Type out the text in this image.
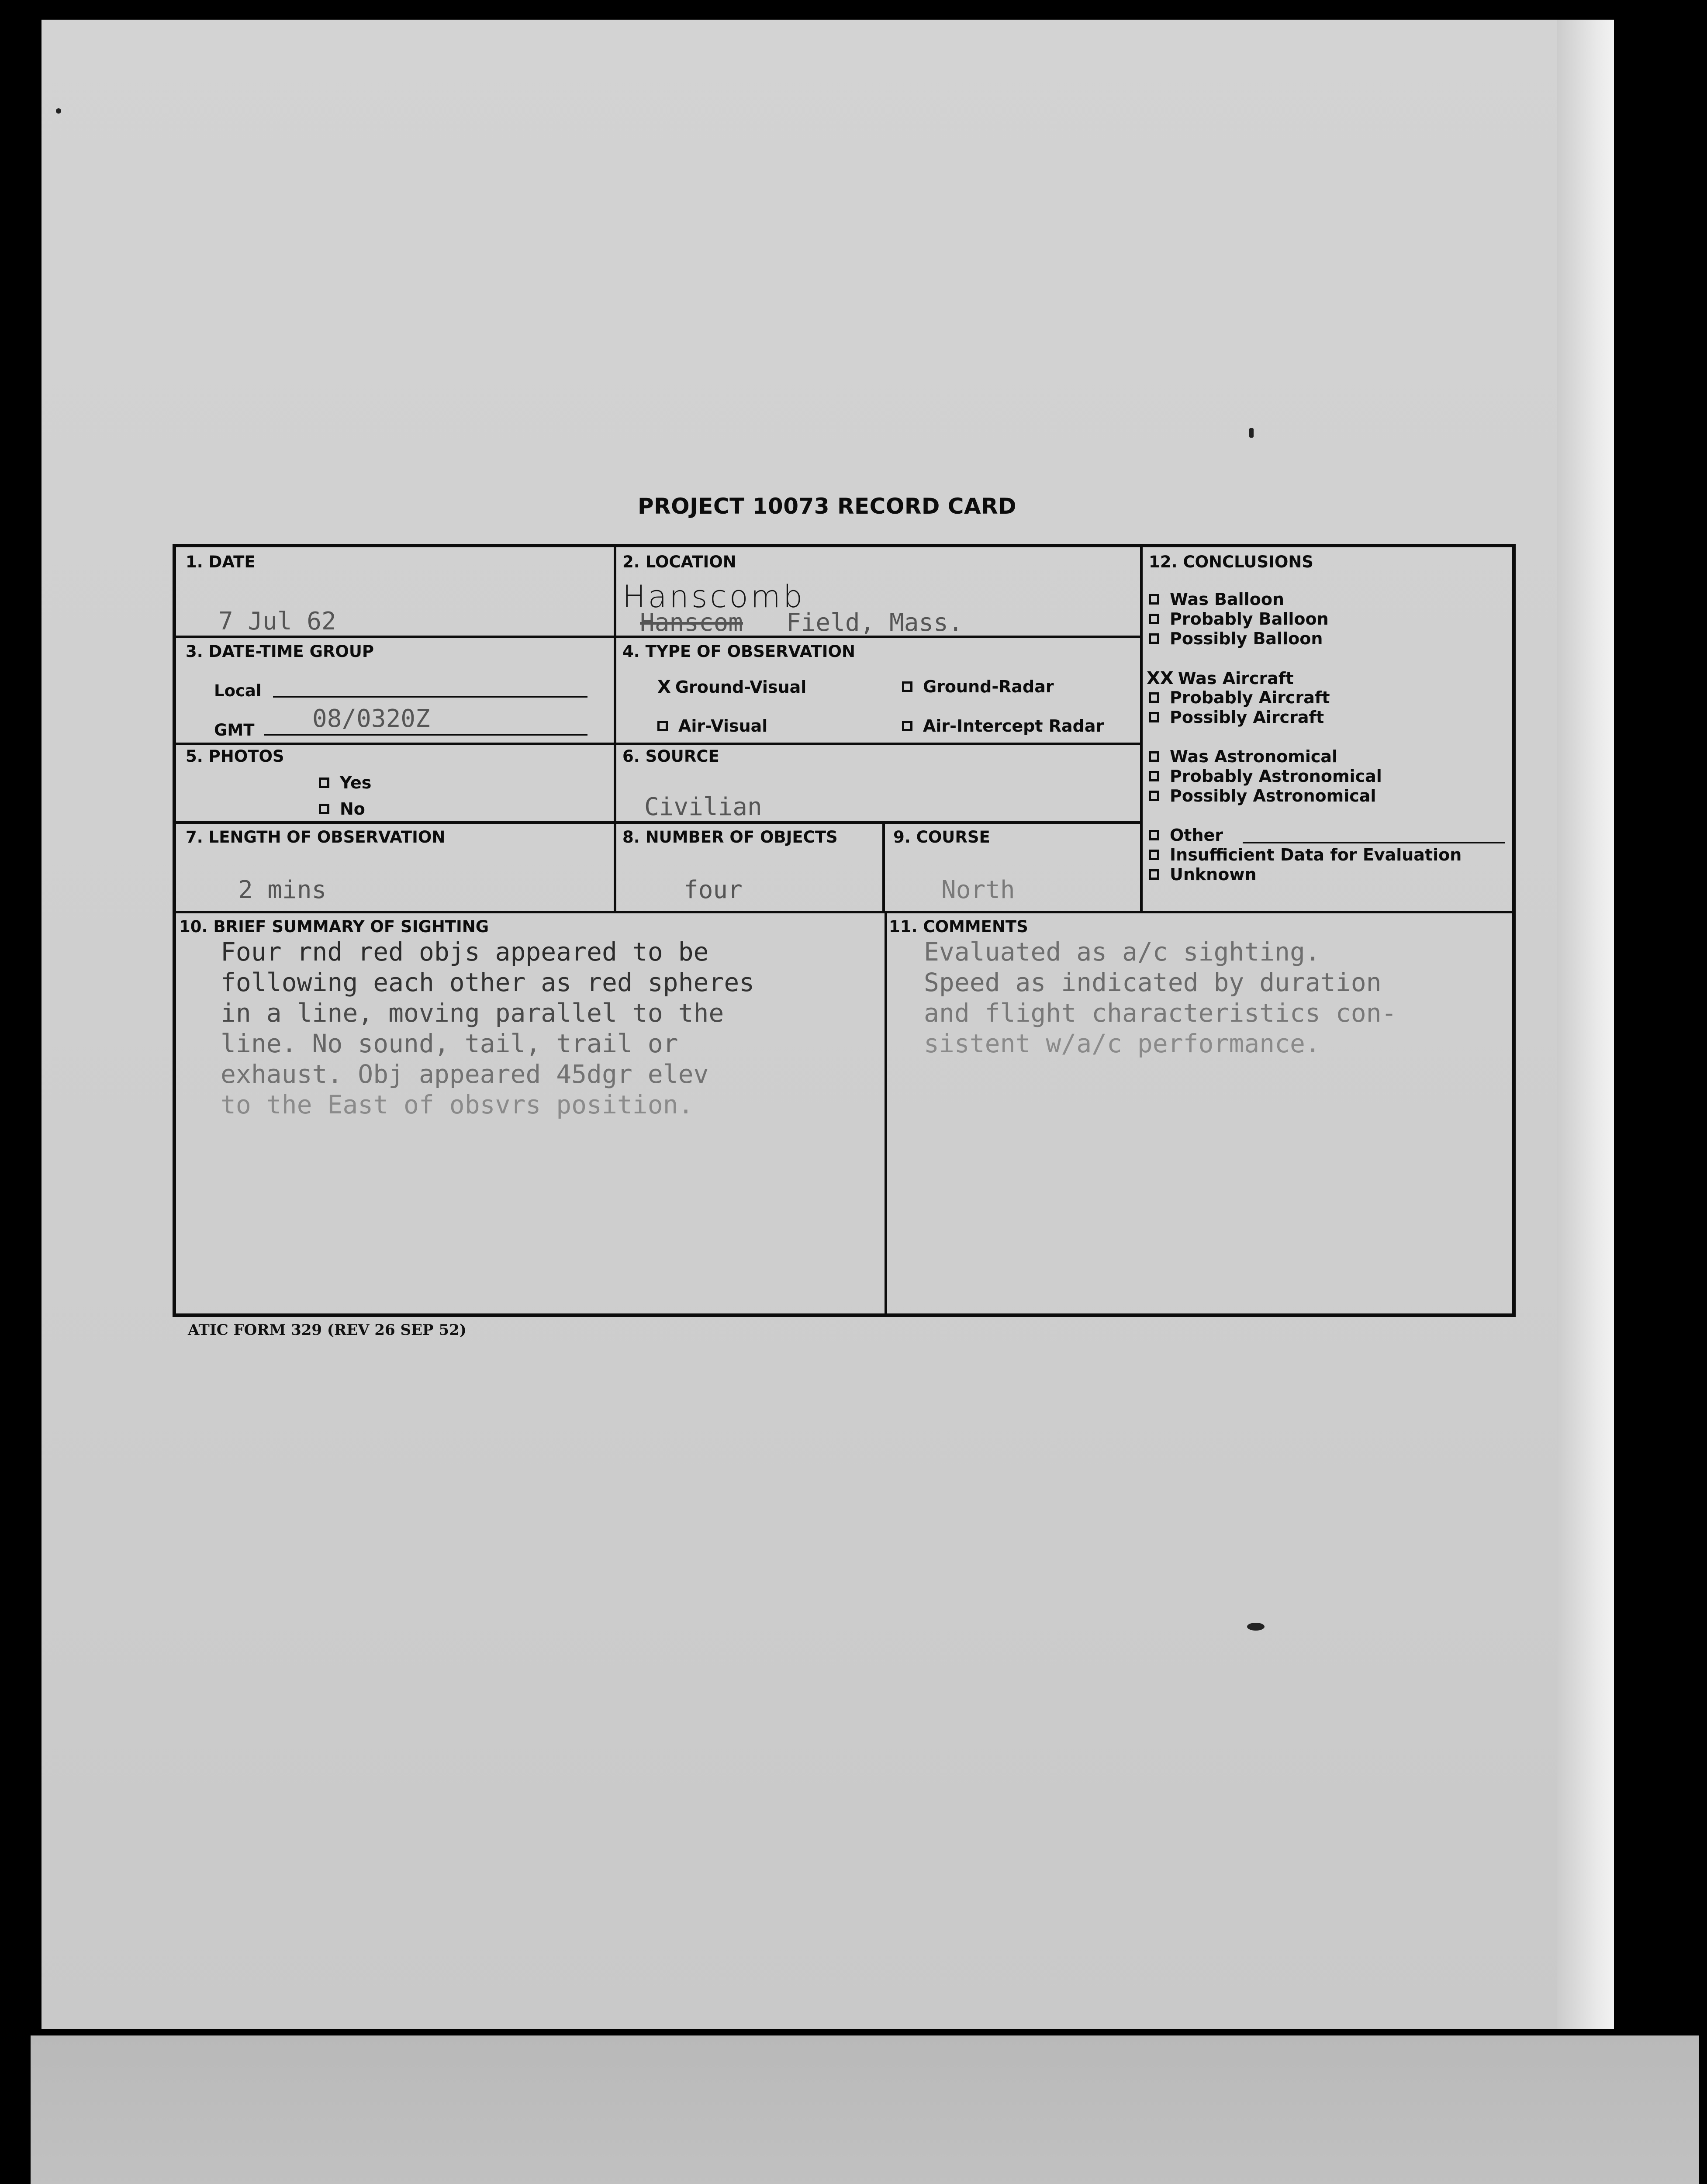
PROJECT 10073 RECORD CARD
1. DATE
7 Jul 62
2. LOCATION
Hanscomb
Hanscom Field, Mass.
3. DATE-TIME GROUP
Local
GMT 08/0320Z
4. TYPE OF OBSERVATION
X Ground-Visual	Ground-Radar
Air-Visual	Air-Intercept Radar
5. PHOTOS
Yes
No
6. SOURCE
Civilian
7. LENGTH OF OBSERVATION
2 mins
8. NUMBER OF OBJECTS
four
9. COURSE
North
10. BRIEF SUMMARY OF SIGHTING
Four rnd red objs appeared to be
following each other as red spheres
in a line, moving parallel to the
line. No sound, tail, trail or
exhaust. Obj appeared 45dgr elev
to the East of obsvrs position.
11. COMMENTS
Evaluated as a/c sighting.
Speed as indicated by duration
and flight characteristics con-
sistent w/a/c performance.
12. CONCLUSIONS
Was Balloon
Probably Balloon
Possibly Balloon
XX Was Aircraft
Probably Aircraft
Possibly Aircraft
Was Astronomical
Probably Astronomical
Possibly Astronomical
Other
Insufficient Data for Evaluation
Unknown
ATIC FORM 329 (REV 26 SEP 52)
